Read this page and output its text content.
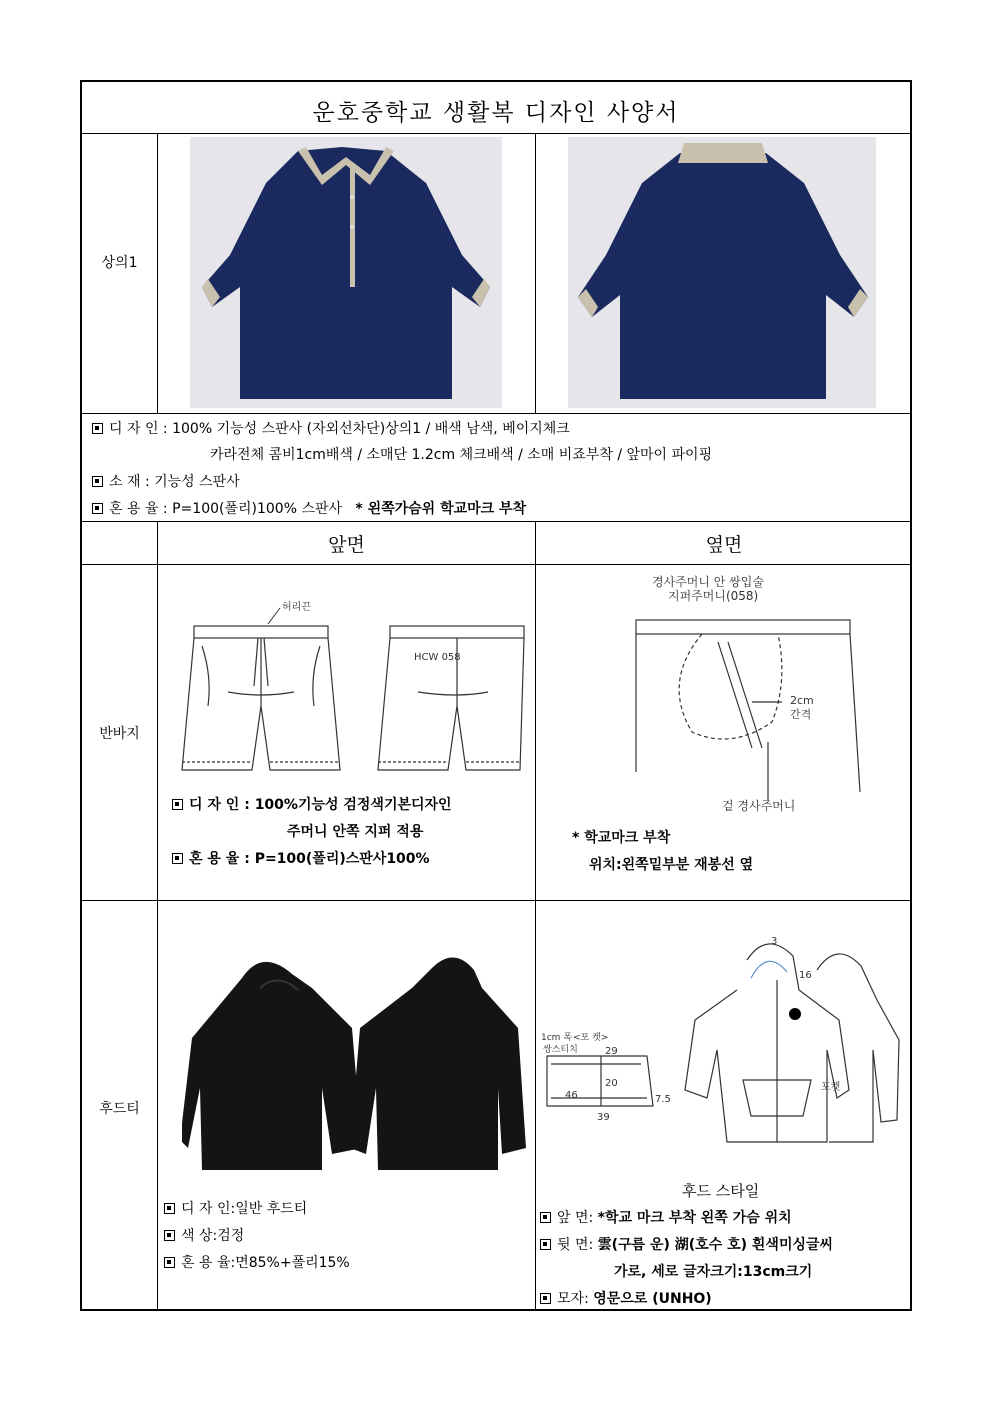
운호중학교 생활복 디자인 사양서
상의1
디 자 인 : 100% 기능성 스판사 (자외선차단)상의1 / 배색 남색, 베이지체크
카라전체 콤비1cm배색 / 소매단 1.2cm 체크배색 / 소매 비죠부착 / 앞마이 파이핑
소 재 : 기능성 스판사
혼 용 율 : P=100(폴리)100% 스판사 * 왼쪽가슴위 학교마크 부착
앞면	옆면
반바지
허리끈
HCW 058
디 자 인 : 100%기능성 검정색기본디자인
주머니 안쪽 지퍼 적용
혼 용 율 : P=100(폴리)스판사100%
경사주머니 안 쌍입술
지퍼주머니(058)
2cm
간격
겉 경사주머니
* 학교마크 부착
위치:왼쪽밑부분 재봉선 옆
후드티
디 자 인:일반 후드티
색 상:검정
혼 용 율:면85%+폴리15%
1cm 폭 <포 켓>
쌍스티치	29
20
46	7.5
39
3
16
포켓
후드 스타일
앞 면: *학교 마크 부착 왼쪽 가슴 위치
뒷 면: 雲(구름 운) 湖(호수 호) 흰색미싱글씨
가로, 세로 글자크기:13cm크기
모자: 영문으로 (UNHO)
